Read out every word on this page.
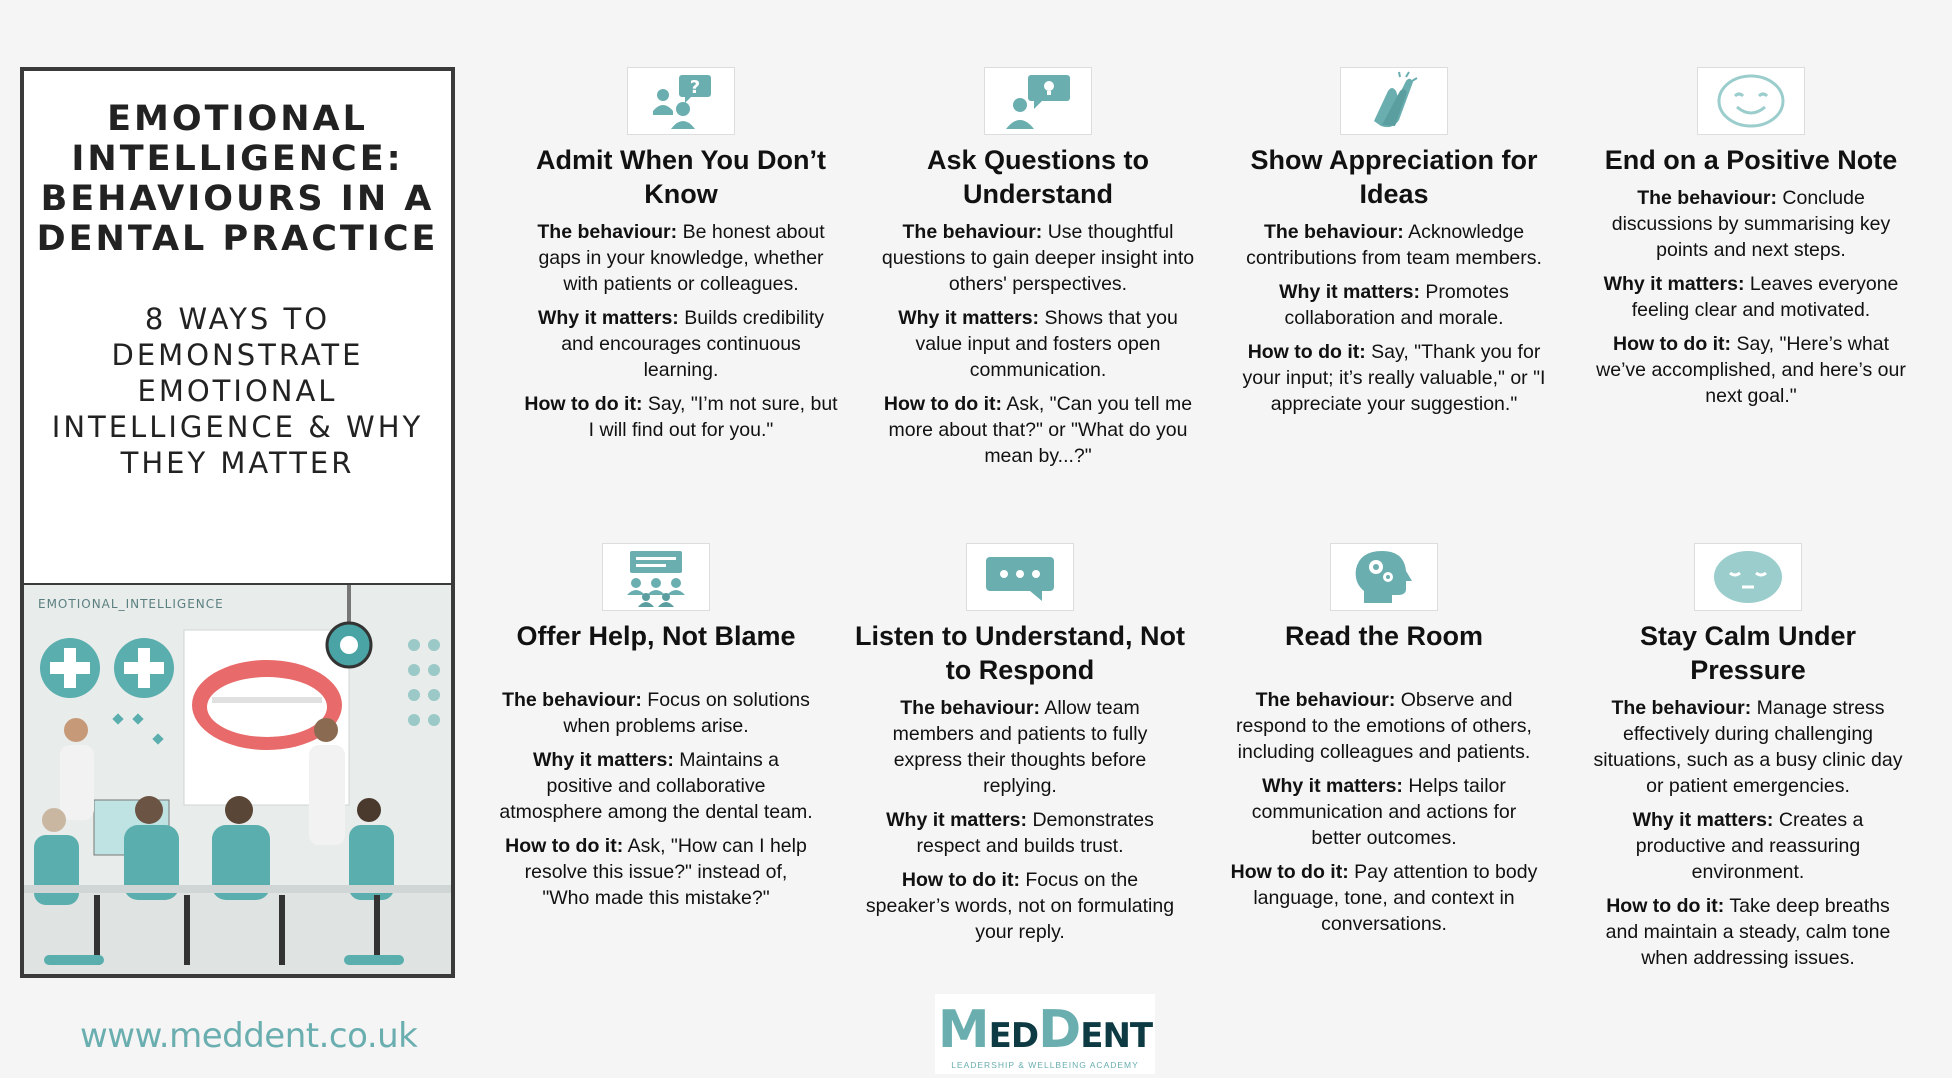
EMOTIONAL INTELLIGENCE: BEHAVIOURS IN A DENTAL PRACTICE
8 WAYS TO DEMONSTRATE EMOTIONAL INTELLIGENCE & WHY THEY MATTER
EMOTIONAL_INTELLIGENCE
www.meddent.co.uk
?
Admit When You Don’t Know
The behaviour: Be honest about gaps in your knowledge, whether with patients or colleagues.
Why it matters: Builds credibility and encourages continuous learning.
How to do it: Say, "I’m not sure, but I will find out for you."
Ask Questions to Understand
The behaviour: Use thoughtful questions to gain deeper insight into others' perspectives.
Why it matters: Shows that you value input and fosters open communication.
How to do it: Ask, "Can you tell me more about that?" or "What do you mean by...?"
Show Appreciation for Ideas
The behaviour: Acknowledge contributions from team members.
Why it matters: Promotes collaboration and morale.
How to do it: Say, "Thank you for your input; it’s really valuable," or "I appreciate your suggestion."
End on a Positive Note
The behaviour: Conclude discussions by summarising key points and next steps.
Why it matters: Leaves everyone feeling clear and motivated.
How to do it: Say, "Here’s what we’ve accomplished, and here’s our next goal."
Offer Help, Not Blame
The behaviour: Focus on solutions when problems arise.
Why it matters: Maintains a positive and collaborative atmosphere among the dental team.
How to do it: Ask, "How can I help resolve this issue?" instead of, "Who made this mistake?"
Listen to Understand, Not to Respond
The behaviour: Allow team members and patients to fully express their thoughts before replying.
Why it matters: Demonstrates respect and builds trust.
How to do it: Focus on the speaker’s words, not on formulating your reply.
Read the Room
The behaviour: Observe and respond to the emotions of others, including colleagues and patients.
Why it matters: Helps tailor communication and actions for better outcomes.
How to do it: Pay attention to body language, tone, and context in conversations.
Stay Calm Under Pressure
The behaviour: Manage stress effectively during challenging situations, such as a busy clinic day or patient emergencies.
Why it matters: Creates a productive and reassuring environment.
How to do it: Take deep breaths and maintain a steady, calm tone when addressing issues.
MEDDENT
LEADERSHIP & WELLBEING ACADEMY
